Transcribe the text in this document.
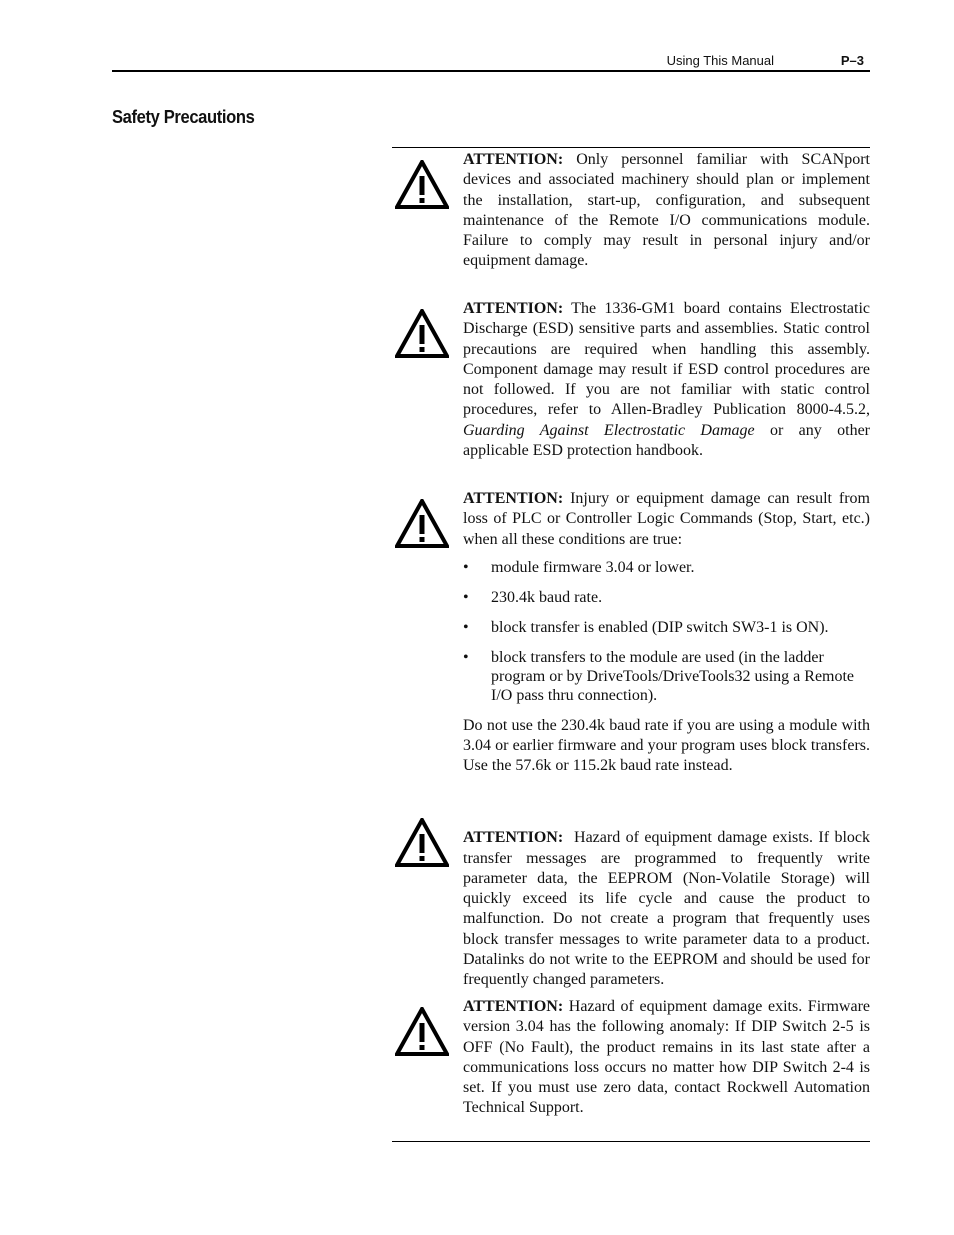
Using This Manual	P–3
Safety Precautions
ATTENTION: Only personnel familiar with SCANport devices and associated machinery should plan or implement the installation, start-up, configuration, and subsequent maintenance of the Remote I/O communications module. Failure to comply may result in personal injury and/or equipment damage.
ATTENTION: The 1336-GM1 board contains Electrostatic Discharge (ESD) sensitive parts and assemblies. Static control precautions are required when handling this assembly. Component damage may result if ESD control procedures are not followed. If you are not familiar with static control procedures, refer to Allen-Bradley Publication 8000-4.5.2, Guarding Against Electrostatic Damage or any other applicable ESD protection handbook.
ATTENTION: Injury or equipment damage can result from loss of PLC or Controller Logic Commands (Stop, Start, etc.) when all these conditions are true:
• module firmware 3.04 or lower.
• 230.4k baud rate.
• block transfer is enabled (DIP switch SW3-1 is ON).
• block transfers to the module are used (in the ladder program or by DriveTools/DriveTools32 using a Remote I/O pass thru connection).
Do not use the 230.4k baud rate if you are using a module with 3.04 or earlier firmware and your program uses block transfers. Use the 57.6k or 115.2k baud rate instead.

ATTENTION:  Hazard of equipment damage exists. If block transfer messages are programmed to frequently write parameter data, the EEPROM (Non-Volatile Storage) will quickly exceed its life cycle and cause the product to malfunction. Do not create a program that frequently uses block transfer messages to write parameter data to a product. Datalinks do not write to the EEPROM and should be used for frequently changed parameters.

ATTENTION: Hazard of equipment damage exits. Firmware version 3.04 has the following anomaly: If DIP Switch 2-5 is OFF (No Fault), the product remains in its last state after a communications loss occurs no matter how DIP Switch 2-4 is set. If you must use zero data, contact Rockwell Automation Technical Support.
